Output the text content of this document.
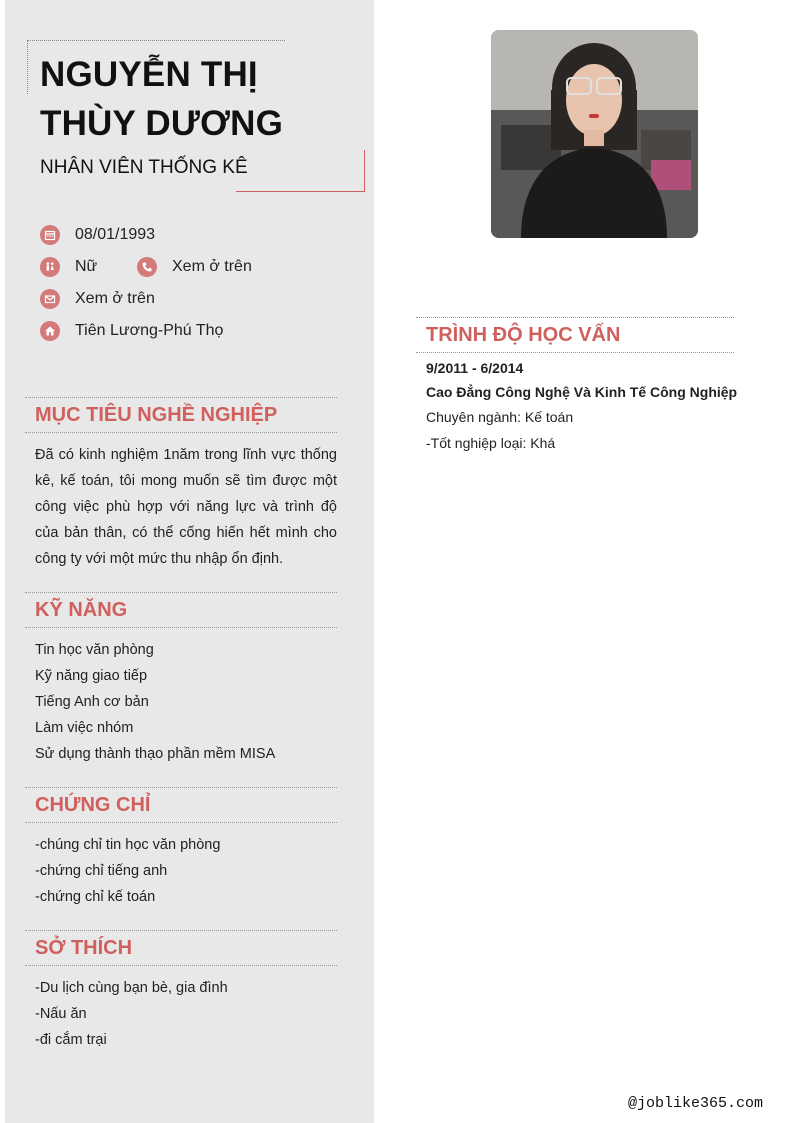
NGUYỄN THỊ THÙY DƯƠNG
NHÂN VIÊN THỐNG KÊ
08/01/1993
Nữ	Xem ở trên
Xem ở trên
Tiên Lương-Phú Thọ
MỤC TIÊU NGHỀ NGHIỆP
Đã có kinh nghiệm 1năm trong lĩnh vực thống kê, kế toán, tôi mong muốn sẽ tìm được một công việc phù hợp với năng lực và trình độ của bản thân, có thể cống hiến hết mình cho công ty với một mức thu nhập ổn định.
KỸ NĂNG
Tin học văn phòng
Kỹ năng giao tiếp
Tiếng Anh cơ bản
Làm việc nhóm
Sử dụng thành thạo phần mềm MISA
CHỨNG CHỈ
-chúng chỉ tin học văn phòng
-chứng chỉ tiếng anh
-chứng chỉ kế toán
SỞ THÍCH
-Du lịch cùng bạn bè, gia đình
-Nấu ăn
-đi cắm trại
TRÌNH ĐỘ HỌC VẤN
9/2011 - 6/2014
Cao Đẳng Công Nghệ Và Kinh Tế Công Nghiệp
Chuyên ngành: Kế toán
-Tốt nghiệp loại: Khá
@joblike365.com
